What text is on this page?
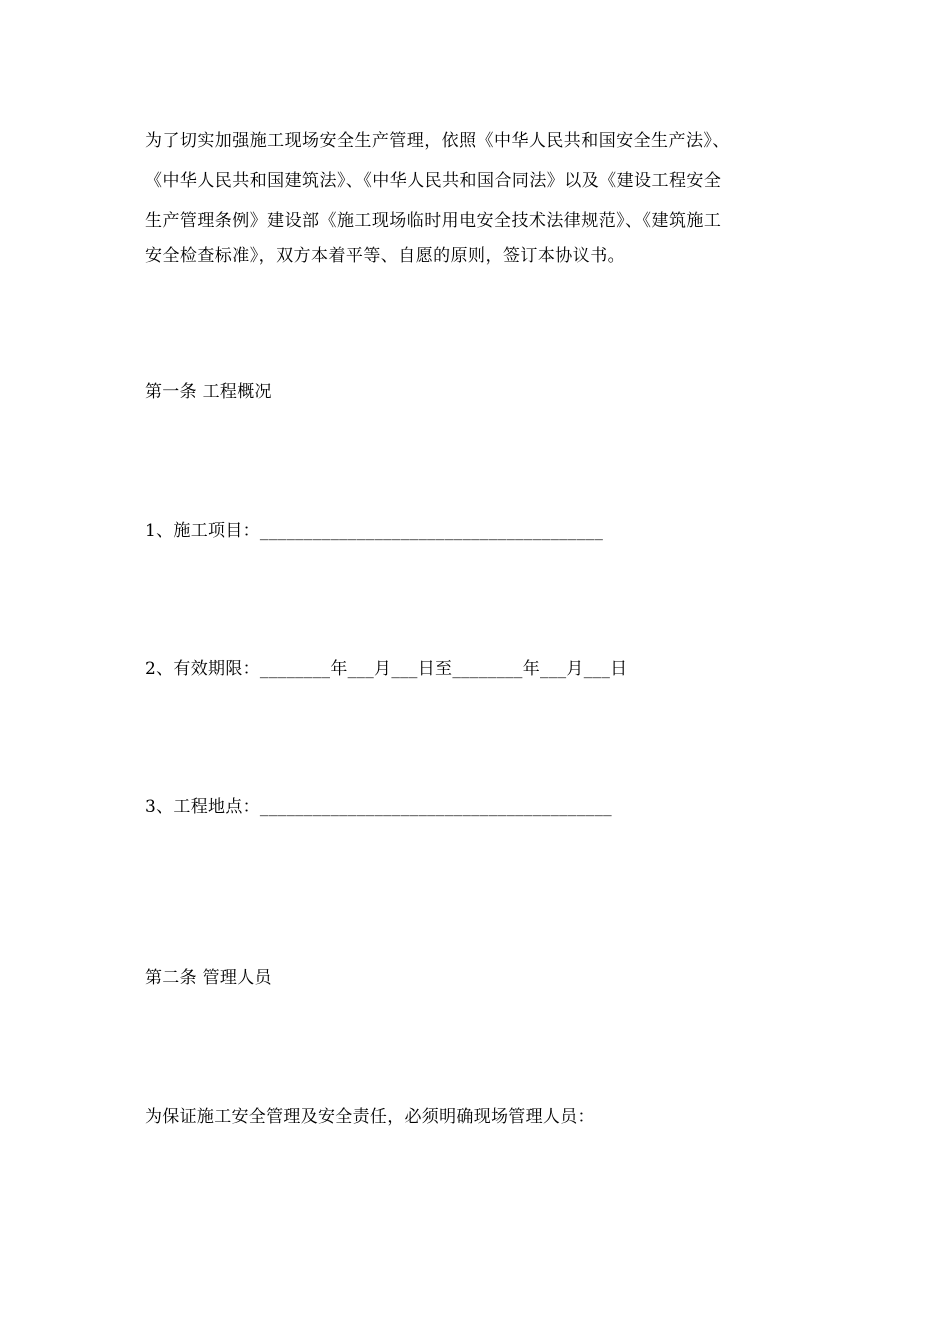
为了切实加强施工现场安全生产管理，依照《中华人民共和国安全生产法》、
《中华人民共和国建筑法》、《中华人民共和国合同法》以及《建设工程安全
生产管理条例》建设部《施工现场临时用电安全技术法律规范》、《建筑施工
安全检查标准》，双方本着平等、自愿的原则，签订本协议书。
第一条 工程概况
1、施工项目：_______________________________________
2、有效期限：________年___月___日至________年___月___日
3、工程地点：________________________________________
第二条 管理人员
为保证施工安全管理及安全责任，必须明确现场管理人员：
